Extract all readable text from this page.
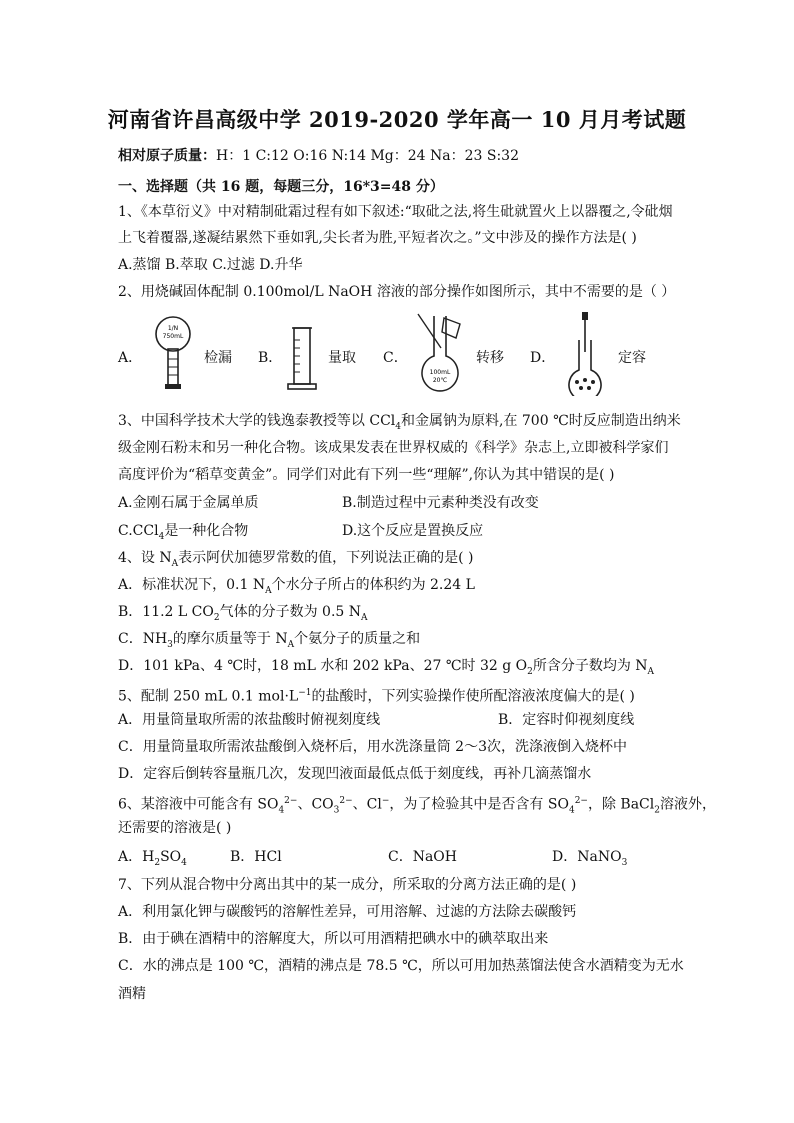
河南省许昌高级中学 2019-2020 学年高一 10 月月考试题
相对原子质量：H：1 C:12 O:16 N:14 Mg：24 Na：23 S:32
一、选择题（共 16 题，每题三分，16*3=48 分）
1、《本草衍义》中对精制砒霜过程有如下叙述:“取砒之法,将生砒就置火上以器覆之,令砒烟
上飞着覆器,遂凝结累然下垂如乳,尖长者为胜,平短者次之。”文中涉及的操作方法是( )
A.蒸馏 B.萃取 C.过滤 D.升华
2、用烧碱固体配制 0.100mol/L NaOH 溶液的部分操作如图所示，其中不需要的是（ ）
A．
1/N
750mL
检漏 B．	量取 C．
100mL
20℃
转移 D．	定容
3、中国科学技术大学的钱逸泰教授等以 CCl$_4$和金属钠为原料,在 700 ℃时反应制造出纳米
级金刚石粉末和另一种化合物。该成果发表在世界权威的《科学》杂志上,立即被科学家们
高度评价为“稻草变黄金”。同学们对此有下列一些“理解”,你认为其中错误的是( )
A.金刚石属于金属单质	B.制造过程中元素种类没有改变
C.CCl$_4$是一种化合物	D.这个反应是置换反应
4、设 $N_A$表示阿伏加德罗常数的值，下列说法正确的是( )
A．标准状况下，0.1 $N_A$个水分子所占的体积约为 2.24 L
B．11.2 L $CO_2$气体的分子数为 0.5 $N_A$
C．$NH_3$的摩尔质量等于 $N_A$个氨分子的质量之和
D．101 kPa、4 ℃时，18 mL 水和 202 kPa、27 ℃时 32 g $O_2$所含分子数均为 $N_A$
5、配制 250 mL 0.1 $mol\cdot L^{-1}$的盐酸时，下列实验操作使所配溶液浓度偏大的是( )
A．用量筒量取所需的浓盐酸时俯视刻度线	B．定容时仰视刻度线
C．用量筒量取所需浓盐酸倒入烧杯后，用水洗涤量筒 2～3次，洗涤液倒入烧杯中
D．定容后倒转容量瓶几次，发现凹液面最低点低于刻度线，再补几滴蒸馏水
6、某溶液中可能含有 $SO_4^{2-}$、$CO_3^{2-}$、Cl−，为了检验其中是否含有 $SO_4^{2-}$，除 BaCl$_2$溶液外，
还需要的溶液是( )
A．$H_2SO_4$	B．HCl	C．NaOH	D．NaNO$_3$
7、下列从混合物中分离出其中的某一成分，所采取的分离方法正确的是( )
A．利用氯化钾与碳酸钙的溶解性差异，可用溶解、过滤的方法除去碳酸钙
B．由于碘在酒精中的溶解度大，所以可用酒精把碘水中的碘萃取出来
C．水的沸点是 100 ℃，酒精的沸点是 78.5 ℃，所以可用加热蒸馏法使含水酒精变为无水
酒精
